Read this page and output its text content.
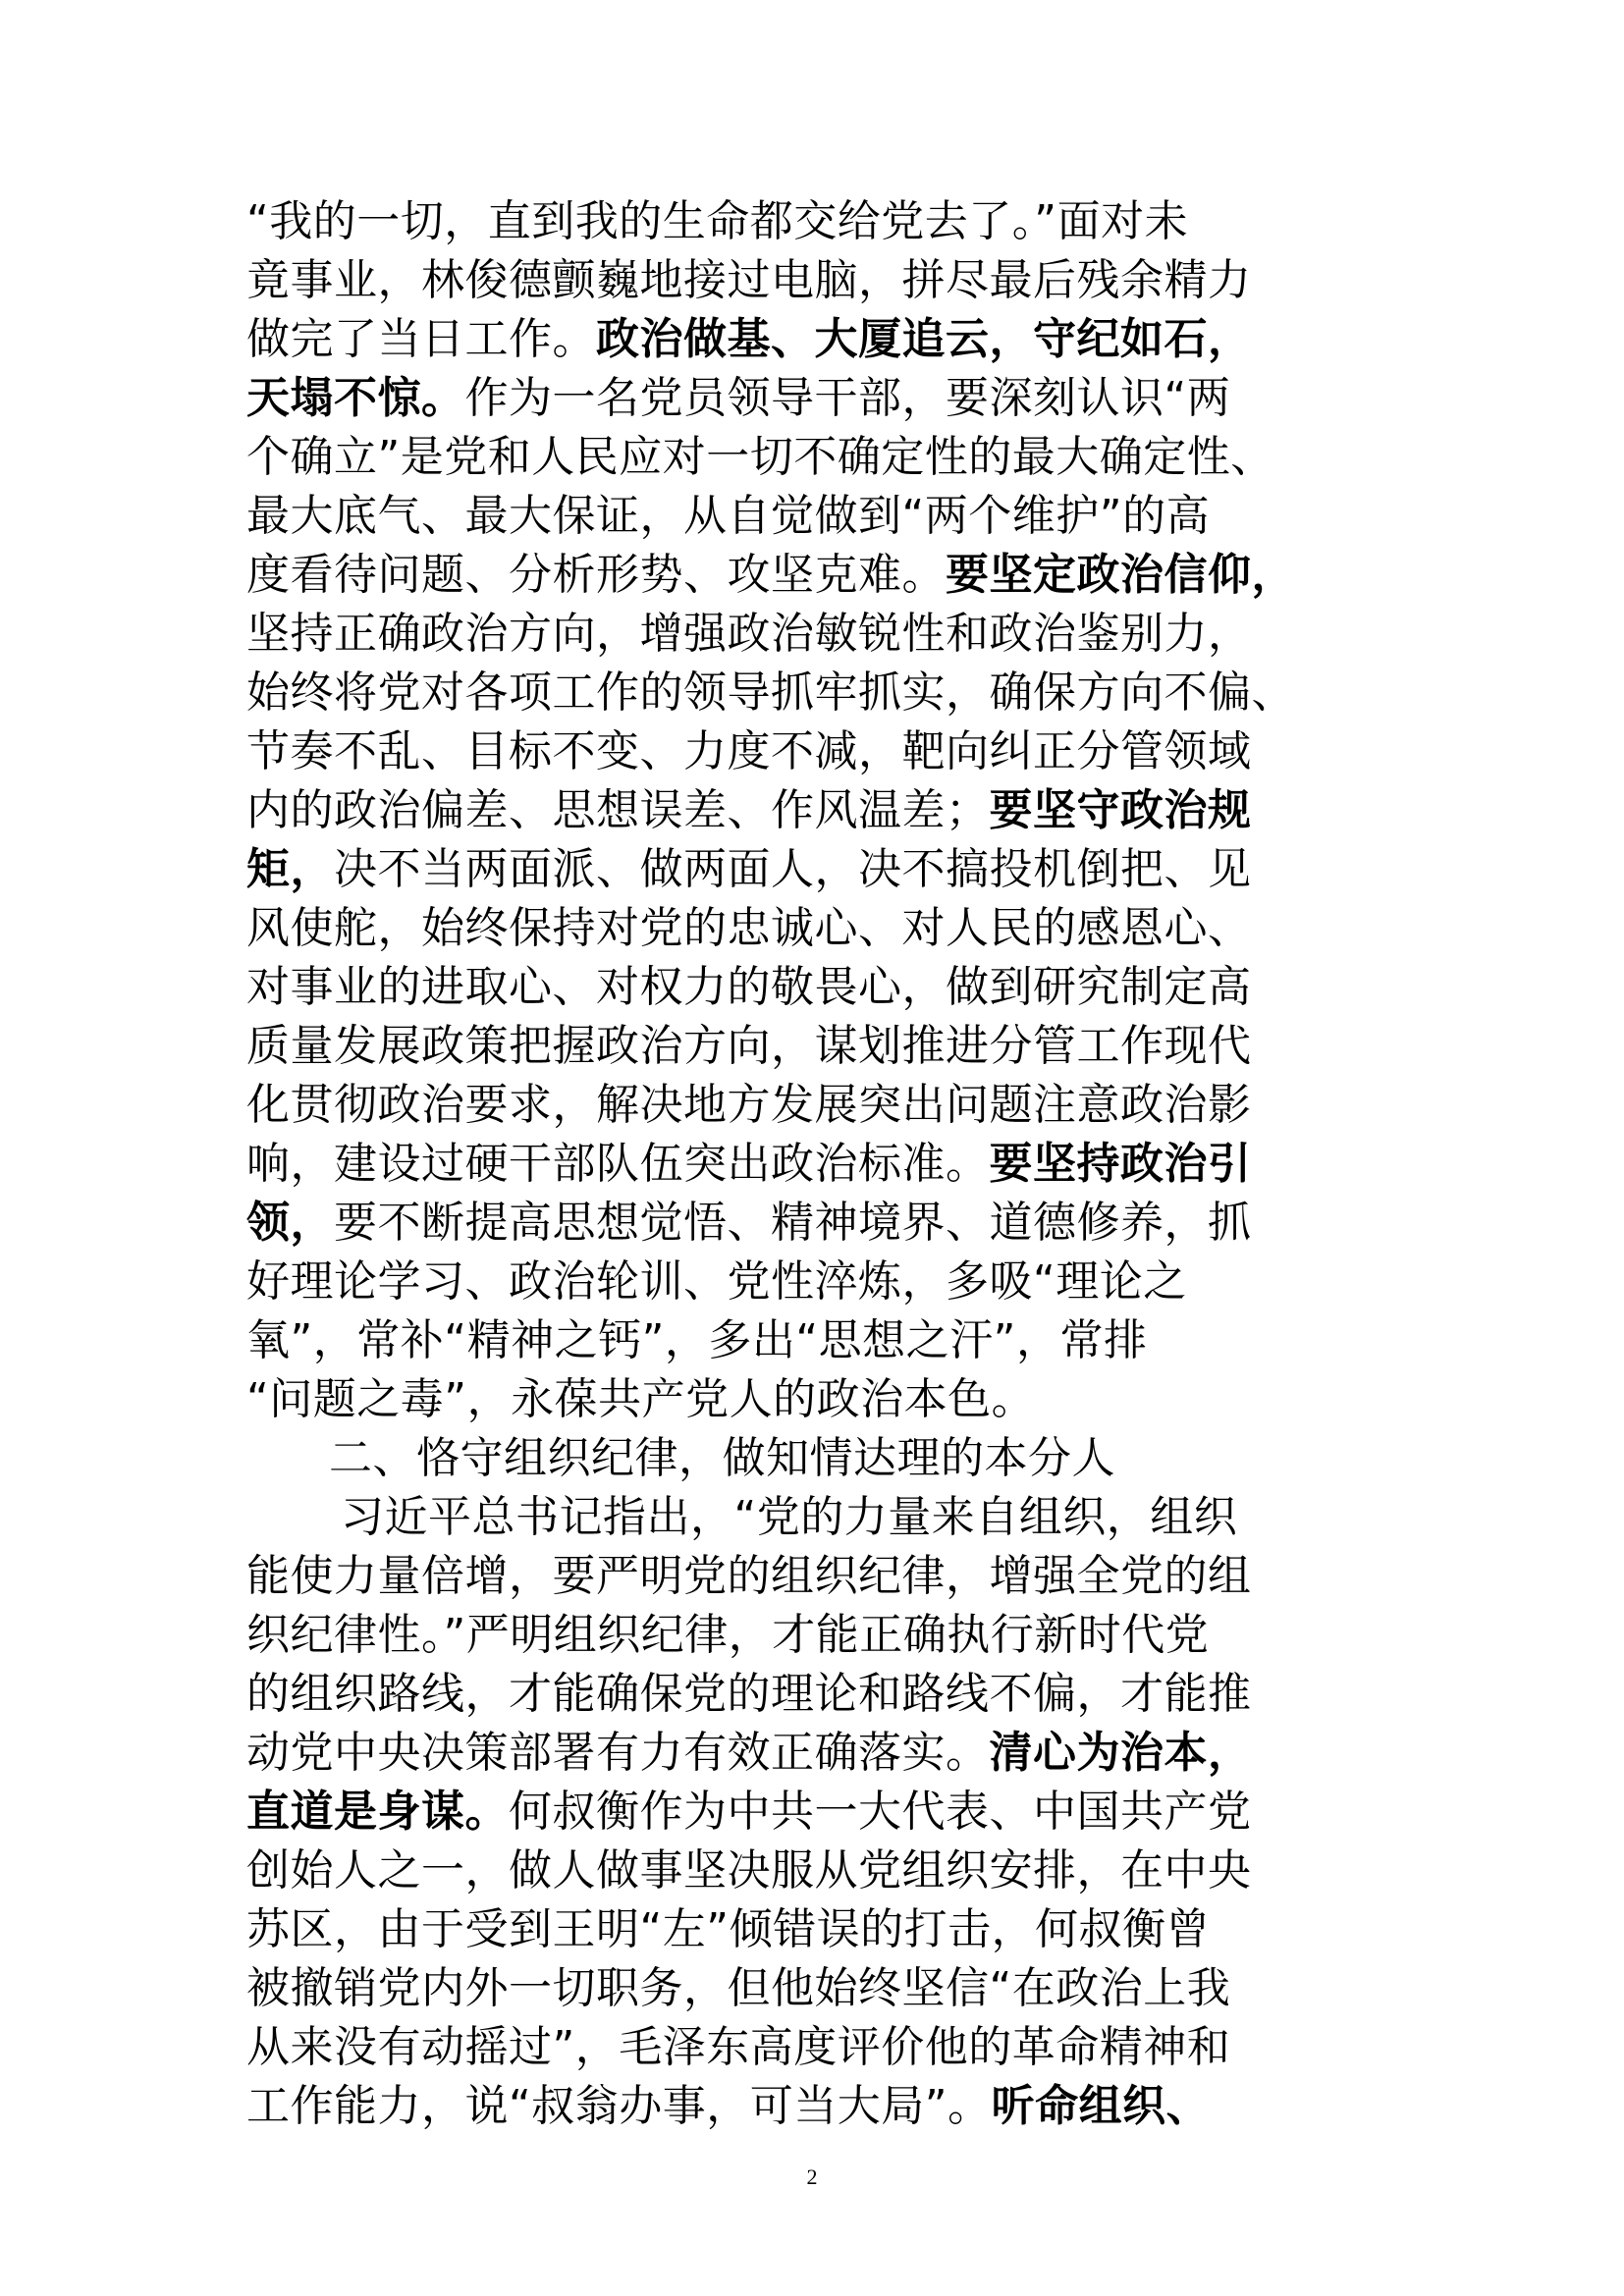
“我的一切，直到我的生命都交给党去了。”面对未
竟事业，林俊德颤巍地接过电脑，拼尽最后残余精力
做完了当日工作。政治做基、大厦追云，守纪如石，
天塌不惊。作为一名党员领导干部，要深刻认识“两
个确立”是党和人民应对一切不确定性的最大确定性、
最大底气、最大保证，从自觉做到“两个维护”的高
度看待问题、分析形势、攻坚克难。要坚定政治信仰，
坚持正确政治方向，增强政治敏锐性和政治鉴别力，
始终将党对各项工作的领导抓牢抓实，确保方向不偏、
节奏不乱、目标不变、力度不减，靶向纠正分管领域
内的政治偏差、思想误差、作风温差；要坚守政治规
矩，决不当两面派、做两面人，决不搞投机倒把、见
风使舵，始终保持对党的忠诚心、对人民的感恩心、
对事业的进取心、对权力的敬畏心，做到研究制定高
质量发展政策把握政治方向，谋划推进分管工作现代
化贯彻政治要求，解决地方发展突出问题注意政治影
响，建设过硬干部队伍突出政治标准。要坚持政治引
领，要不断提高思想觉悟、精神境界、道德修养，抓
好理论学习、政治轮训、党性淬炼，多吸“理论之
氧”，常补“精神之钙”，多出“思想之汗”，常排
“问题之毒”，永葆共产党人的政治本色。
二、恪守组织纪律，做知情达理的本分人
习近平总书记指出，“党的力量来自组织，组织
能使力量倍增，要严明党的组织纪律，增强全党的组
织纪律性。”严明组织纪律，才能正确执行新时代党
的组织路线，才能确保党的理论和路线不偏，才能推
动党中央决策部署有力有效正确落实。清心为治本，
直道是身谋。何叔衡作为中共一大代表、中国共产党
创始人之一，做人做事坚决服从党组织安排，在中央
苏区，由于受到王明“左”倾错误的打击，何叔衡曾
被撤销党内外一切职务，但他始终坚信“在政治上我
从来没有动摇过”，毛泽东高度评价他的革命精神和
工作能力，说“叔翁办事，可当大局”。听命组织、
2
